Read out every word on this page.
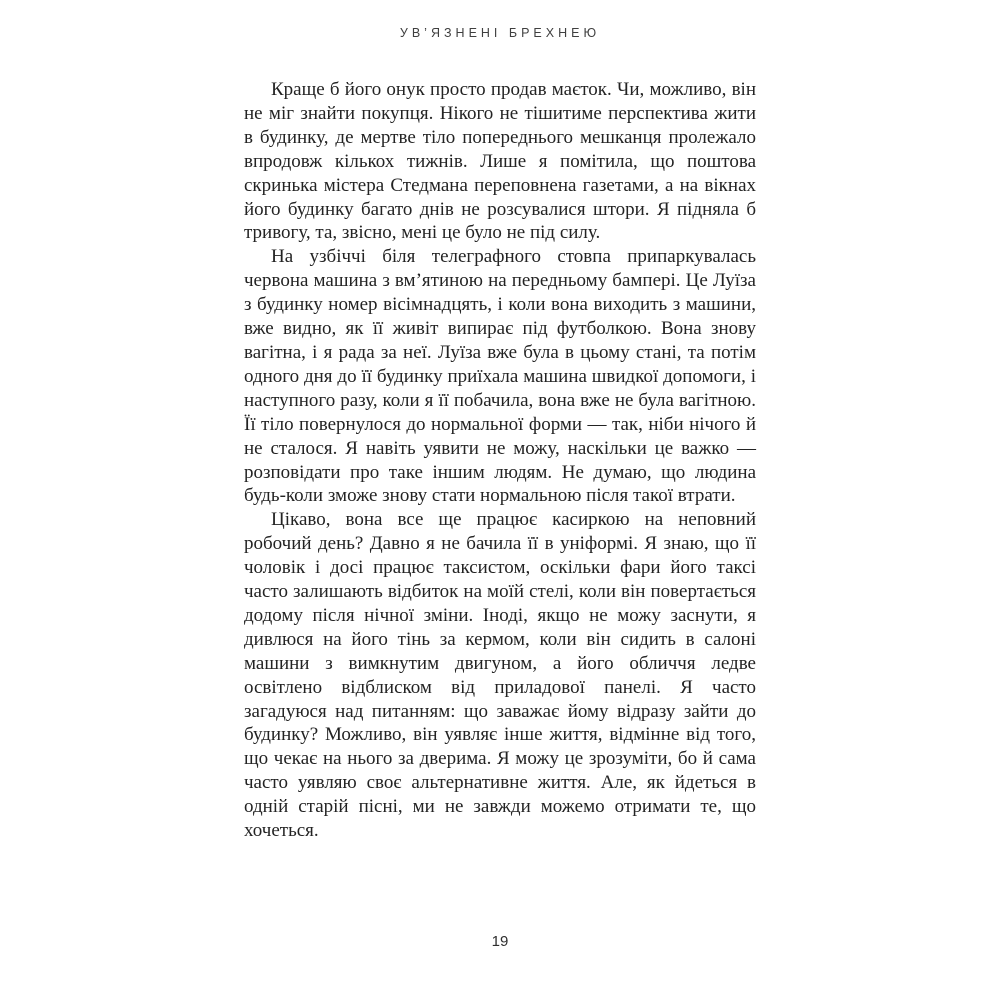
УВ’ЯЗНЕНІ БРЕХНЕЮ

Краще б його онук просто продав маєток. Чи, можливо, він не міг знайти покупця. Нікого не тішитиме перспектива жити в будинку, де мертве тіло попереднього мешканця пролежало впродовж кількох тижнів. Лише я помітила, що поштова скринька містера Стедмана переповнена газетами, а на вікнах його будинку багато днів не розсувалися штори. Я підняла б тривогу, та, звісно, мені це було не під силу.

На узбіччі біля телеграфного стовпа припаркувалась червона машина з вм’ятиною на передньому бампері. Це Луїза з будинку номер вісімнадцять, і коли вона виходить з машини, вже видно, як її живіт випирає під футболкою. Вона знову вагітна, і я рада за неї. Луїза вже була в цьому стані, та потім одного дня до її будинку приїхала машина швидкої допомоги, і наступного разу, коли я її побачила, вона вже не була вагітною. Її тіло повернулося до нормальної форми — так, ніби нічого й не сталося. Я навіть уявити не можу, наскільки це важко — розповідати про таке іншим людям. Не думаю, що людина будь-коли зможе знову стати нормальною після такої втрати.

Цікаво, вона все ще працює касиркою на неповний робочий день? Давно я не бачила її в уніформі. Я знаю, що її чоловік і досі працює таксистом, оскільки фари його таксі часто залишають відбиток на моїй стелі, коли він повертається додому після нічної зміни. Іноді, якщо не можу заснути, я дивлюся на його тінь за кермом, коли він сидить в салоні машини з вимкнутим двигуном, а його обличчя ледве освітлено відблиском від приладової панелі. Я часто загадуюся над питанням: що заважає йому відразу зайти до будинку? Можливо, він уявляє інше життя, відмінне від того, що чекає на нього за дверима. Я можу це зрозуміти, бо й сама часто уявляю своє альтернативне життя. Але, як йдеться в одній старій пісні, ми не завжди можемо отримати те, що хочеться.

19
